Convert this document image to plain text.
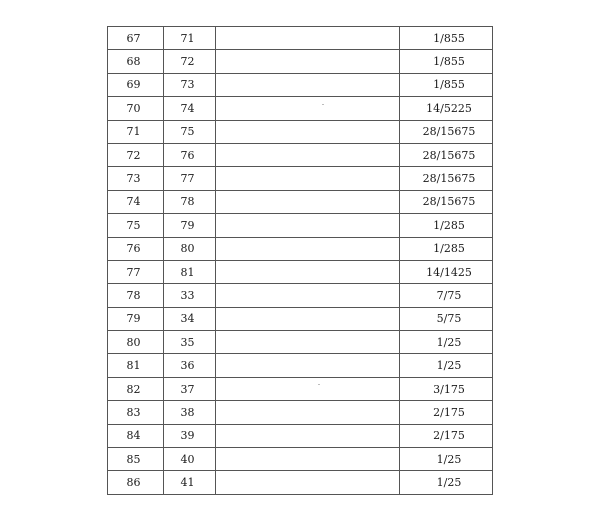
67	71		1/855
68	72		1/855
69	73		1/855
70	74		14/5225
71	75		28/15675
72	76		28/15675
73	77		28/15675
74	78		28/15675
75	79		1/285
76	80		1/285
77	81		14/1425
78	33		7/75
79	34		5/75
80	35		1/25
81	36		1/25
82	37		3/175
83	38		2/175
84	39		2/175
85	40		1/25
86	41		1/25
